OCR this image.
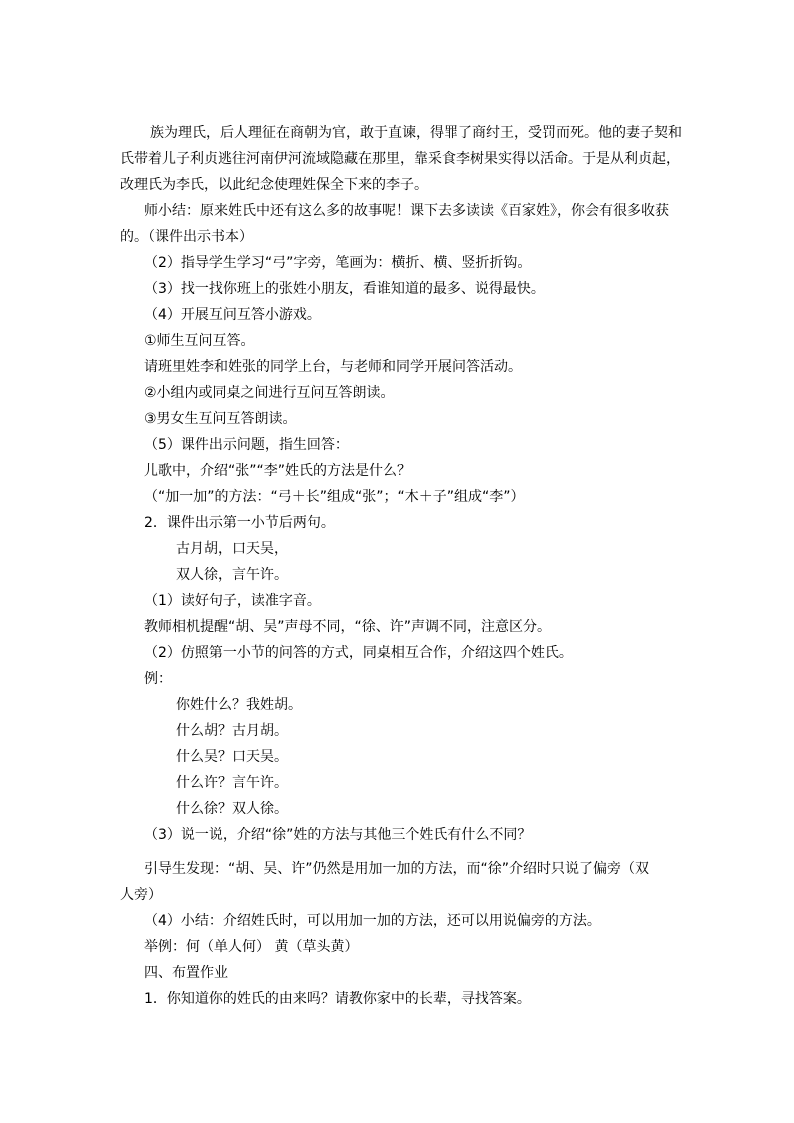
族为理氏，后人理征在商朝为官，敢于直谏，得罪了商纣王，受罚而死。他的妻子契和
氏带着儿子利贞逃往河南伊河流域隐藏在那里，靠采食李树果实得以活命。于是从利贞起，
改理氏为李氏，以此纪念使理姓保全下来的李子。
师小结：原来姓氏中还有这么多的故事呢！课下去多读读《百家姓》，你会有很多收获
的。（课件出示书本）
（2）指导学生学习“弓”字旁，笔画为：横折、横、竖折折钩。
（3）找一找你班上的张姓小朋友，看谁知道的最多、说得最快。
（4）开展互问互答小游戏。
①师生互问互答。
请班里姓李和姓张的同学上台，与老师和同学开展问答活动。
②小组内或同桌之间进行互问互答朗读。
③男女生互问互答朗读。
（5）课件出示问题，指生回答：
儿歌中，介绍“张”“李”姓氏的方法是什么？
（“加一加”的方法：“弓＋长”组成“张”；“木＋子”组成“李”）
2．课件出示第一小节后两句。
古月胡，口天吴，
双人徐，言午许。
（1）读好句子，读准字音。
教师相机提醒“胡、吴”声母不同，“徐、许”声调不同，注意区分。
（2）仿照第一小节的问答的方式，同桌相互合作，介绍这四个姓氏。
例：
你姓什么？我姓胡。
什么胡？古月胡。
什么吴？口天吴。
什么许？言午许。
什么徐？双人徐。
（3）说一说，介绍“徐”姓的方法与其他三个姓氏有什么不同？
引导生发现：“胡、吴、许”仍然是用加一加的方法，而“徐”介绍时只说了偏旁（双
人旁）
（4）小结：介绍姓氏时，可以用加一加的方法，还可以用说偏旁的方法。
举例：何（单人何） 黄（草头黄）
四、布置作业
1．你知道你的姓氏的由来吗？请教你家中的长辈，寻找答案。
